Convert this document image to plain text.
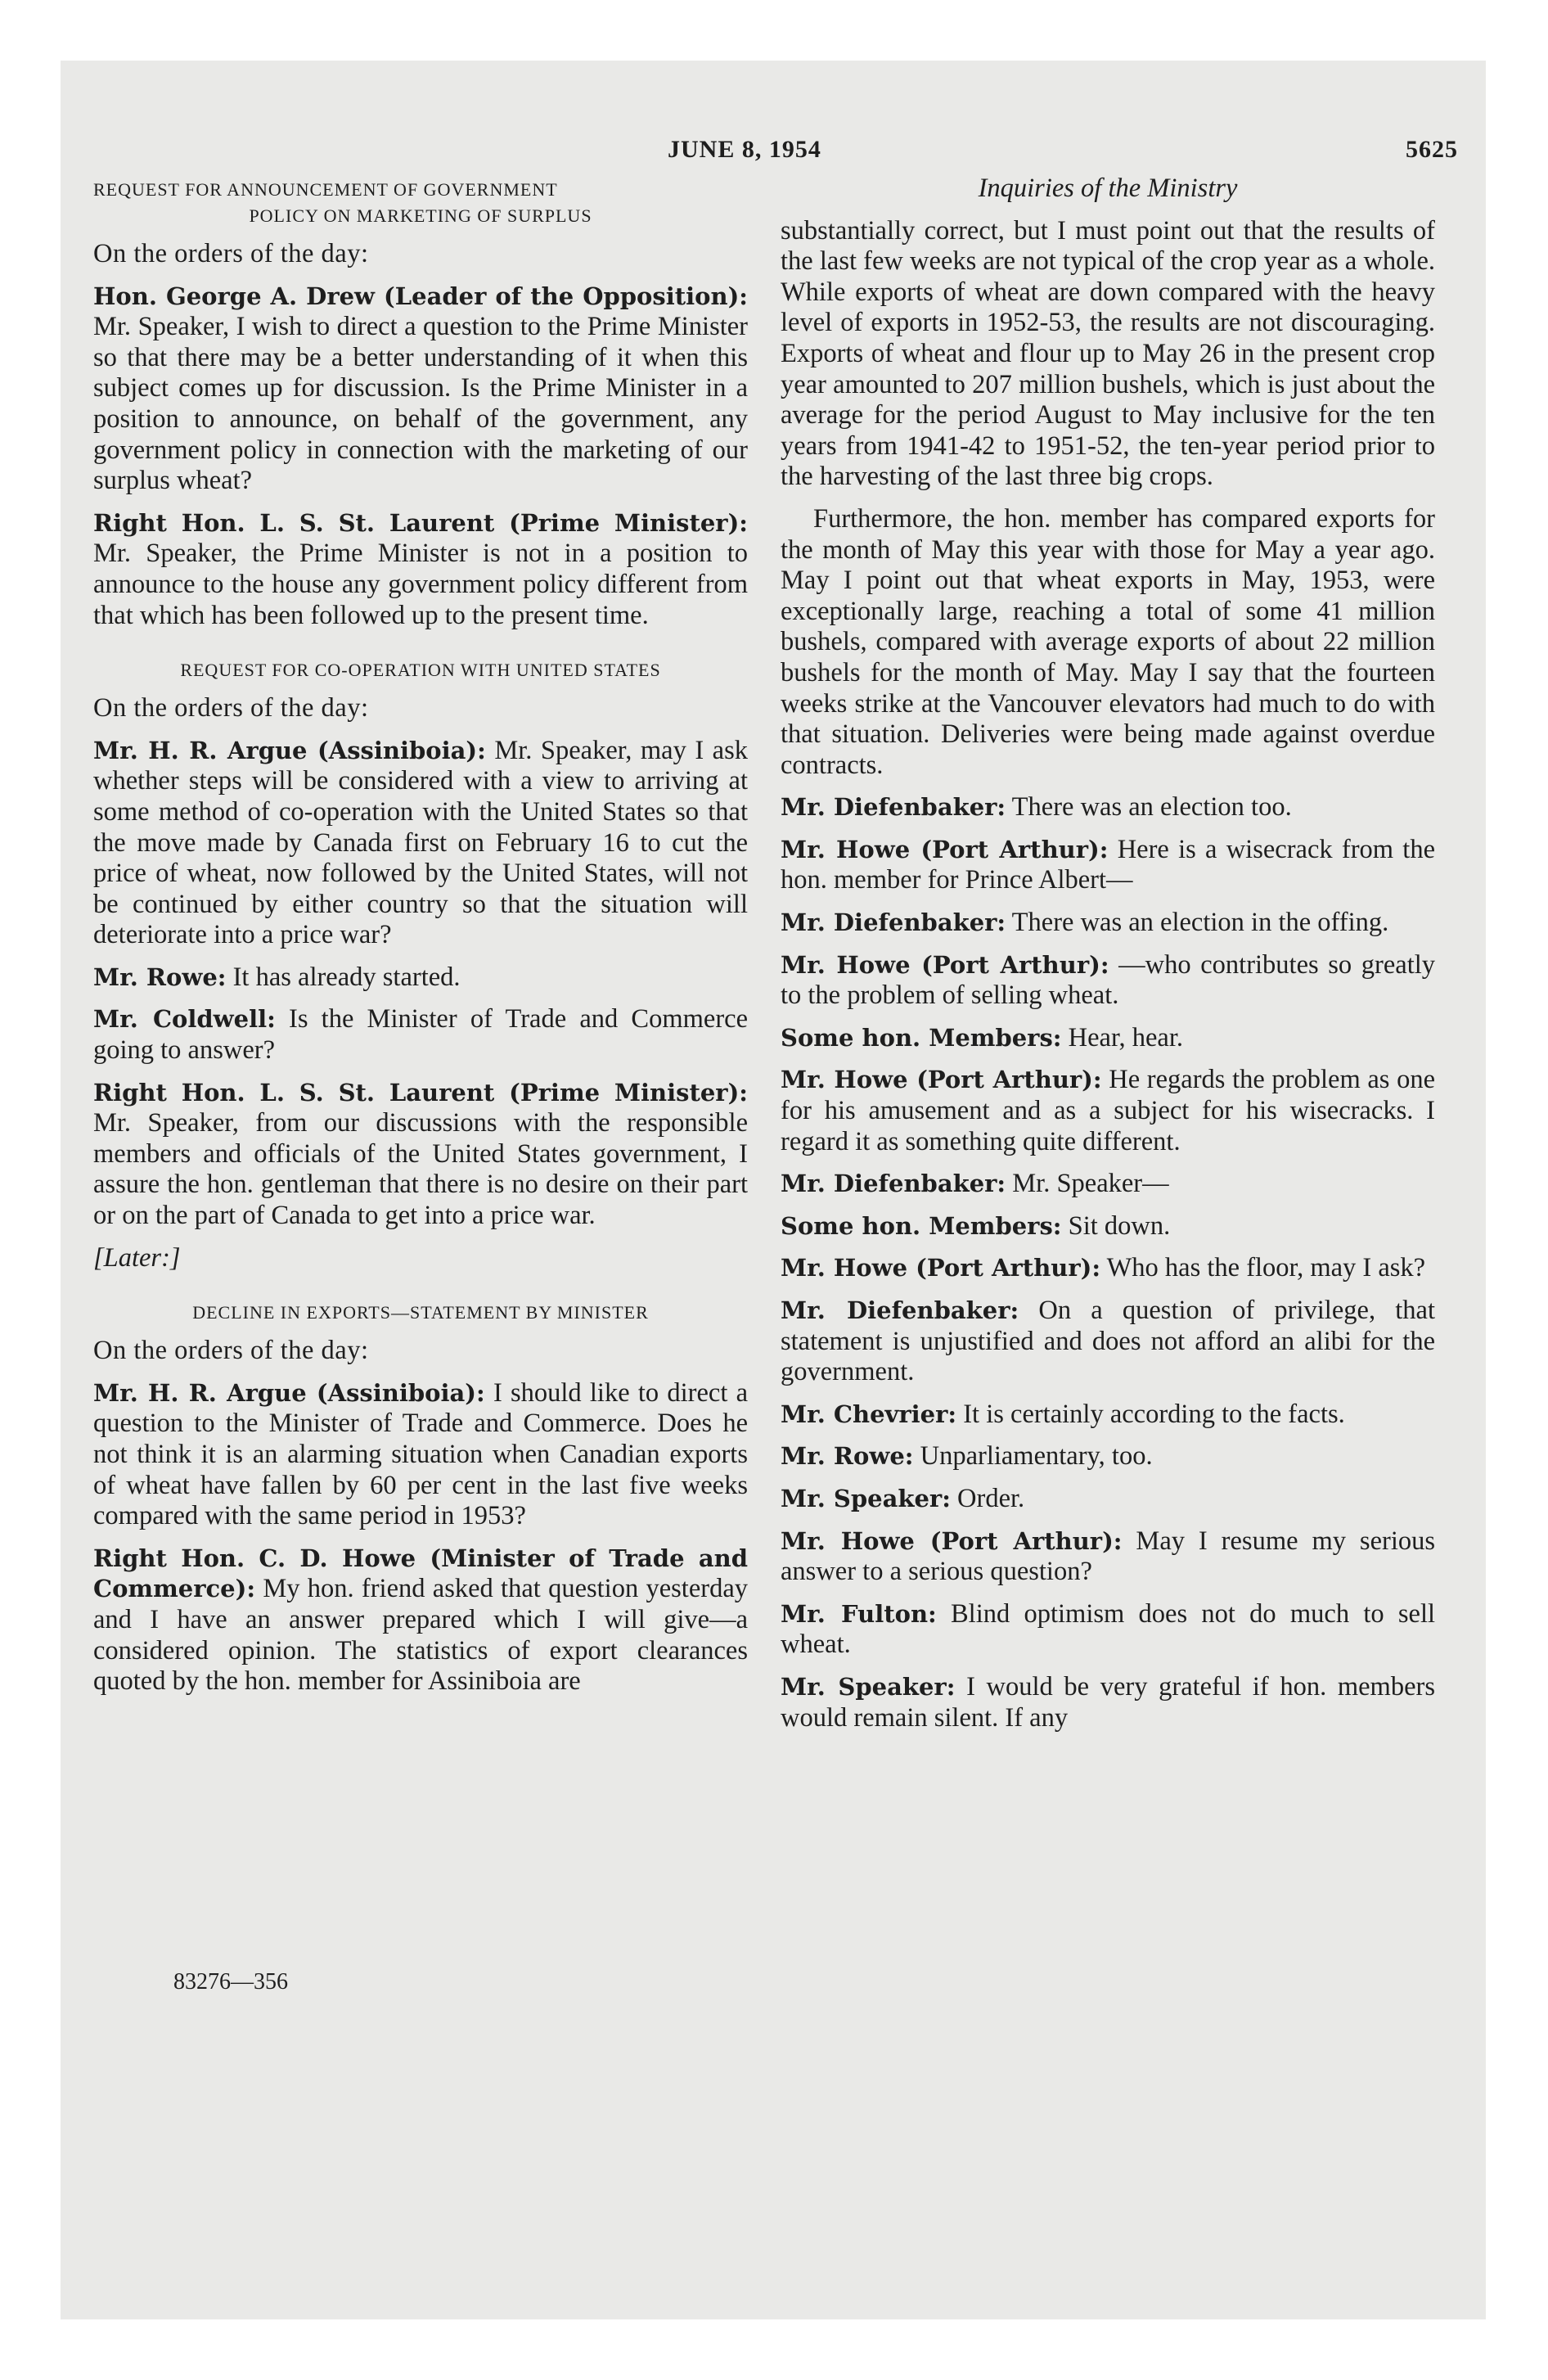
JUNE 8, 1954	5625
REQUEST FOR ANNOUNCEMENT OF GOVERNMENT
POLICY ON MARKETING OF SURPLUS

On the orders of the day:

Hon. George A. Drew (Leader of the Opposition): Mr. Speaker, I wish to direct a question to the Prime Minister so that there may be a better understanding of it when this subject comes up for discussion. Is the Prime Minister in a position to announce, on behalf of the government, any government policy in connection with the marketing of our surplus wheat?

Right Hon. L. S. St. Laurent (Prime Minister): Mr. Speaker, the Prime Minister is not in a position to announce to the house any government policy different from that which has been followed up to the present time.

REQUEST FOR CO-OPERATION WITH UNITED STATES

On the orders of the day:

Mr. H. R. Argue (Assiniboia): Mr. Speaker, may I ask whether steps will be considered with a view to arriving at some method of co-operation with the United States so that the move made by Canada first on February 16 to cut the price of wheat, now followed by the United States, will not be continued by either country so that the situation will deteriorate into a price war?

Mr. Rowe: It has already started.

Mr. Coldwell: Is the Minister of Trade and Commerce going to answer?

Right Hon. L. S. St. Laurent (Prime Minister): Mr. Speaker, from our discussions with the responsible members and officials of the United States government, I assure the hon. gentleman that there is no desire on their part or on the part of Canada to get into a price war.

[Later:]

DECLINE IN EXPORTS—STATEMENT BY MINISTER

On the orders of the day:

Mr. H. R. Argue (Assiniboia): I should like to direct a question to the Minister of Trade and Commerce. Does he not think it is an alarming situation when Canadian exports of wheat have fallen by 60 per cent in the last five weeks compared with the same period in 1953?

Right Hon. C. D. Howe (Minister of Trade and Commerce): My hon. friend asked that question yesterday and I have an answer prepared which I will give—a considered opinion. The statistics of export clearances quoted by the hon. member for Assiniboia are

83276—356

Inquiries of the Ministry

substantially correct, but I must point out that the results of the last few weeks are not typical of the crop year as a whole. While exports of wheat are down compared with the heavy level of exports in 1952-53, the results are not discouraging. Exports of wheat and flour up to May 26 in the present crop year amounted to 207 million bushels, which is just about the average for the period August to May inclusive for the ten years from 1941-42 to 1951-52, the ten-year period prior to the harvesting of the last three big crops.

Furthermore, the hon. member has compared exports for the month of May this year with those for May a year ago. May I point out that wheat exports in May, 1953, were exceptionally large, reaching a total of some 41 million bushels, compared with average exports of about 22 million bushels for the month of May. May I say that the fourteen weeks strike at the Vancouver elevators had much to do with that situation. Deliveries were being made against overdue contracts.

Mr. Diefenbaker: There was an election too.

Mr. Howe (Port Arthur): Here is a wisecrack from the hon. member for Prince Albert—

Mr. Diefenbaker: There was an election in the offing.

Mr. Howe (Port Arthur): —who contributes so greatly to the problem of selling wheat.

Some hon. Members: Hear, hear.

Mr. Howe (Port Arthur): He regards the problem as one for his amusement and as a subject for his wisecracks. I regard it as something quite different.

Mr. Diefenbaker: Mr. Speaker—

Some hon. Members: Sit down.

Mr. Howe (Port Arthur): Who has the floor, may I ask?

Mr. Diefenbaker: On a question of privilege, that statement is unjustified and does not afford an alibi for the government.

Mr. Chevrier: It is certainly according to the facts.

Mr. Rowe: Unparliamentary, too.

Mr. Speaker: Order.

Mr. Howe (Port Arthur): May I resume my serious answer to a serious question?

Mr. Fulton: Blind optimism does not do much to sell wheat.

Mr. Speaker: I would be very grateful if hon. members would remain silent. If any
